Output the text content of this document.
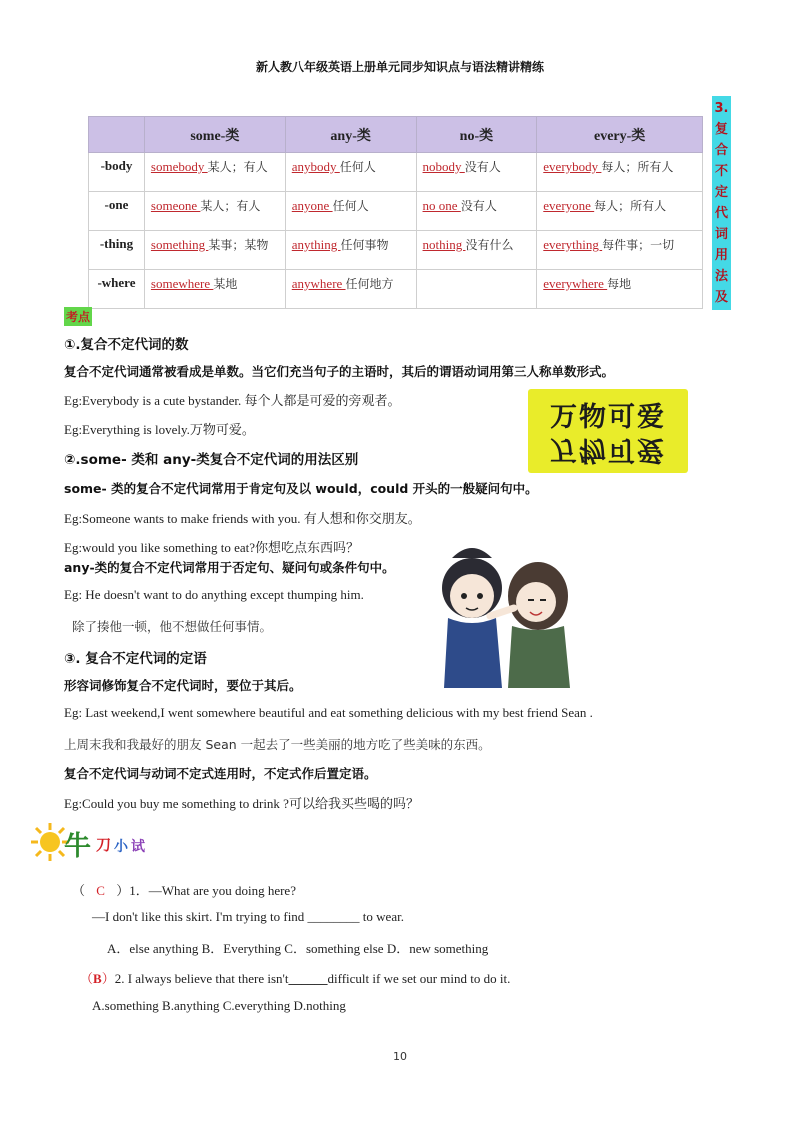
新人教八年级英语上册单元同步知识点与语法精讲精练
3.
复
合
不
定
代
词
用
法
及
	some-类	any-类	no-类	every-类
-body	somebody 某人；有人	anybody 任何人	nobody 没有人	everybody 每人；所有人
-one	someone 某人；有人	anyone 任何人	no one 没有人	everyone 每人；所有人
-thing	something 某事；某物	anything 任何事物	nothing 没有什么	everything 每件事；一切
-where	somewhere 某地	anywhere 任何地方		everywhere 每地
考点
①.复合不定代词的数
复合不定代词通常被看成是单数。当它们充当句子的主语时，其后的谓语动词用第三人称单数形式。
Eg:Everybody is a cute bystander. 每个人都是可爱的旁观者。
Eg:Everything is lovely.万物可爱。	万物可爱
万物可爱
②.some- 类和 any-类复合不定代词的用法区别
some- 类的复合不定代词常用于肯定句及以 would，could 开头的一般疑问句中。
Eg:Someone wants to make friends with you. 有人想和你交朋友。
Eg:would you like something to eat?你想吃点东西吗？
any-类的复合不定代词常用于否定句、疑问句或条件句中。
Eg: He doesn't want to do anything except thumping him.
除了揍他一顿，他不想做任何事情。
③. 复合不定代词的定语
形容词修饰复合不定代词时，要位于其后。
Eg: Last weekend,I went somewhere beautiful and eat something delicious with my best friend Sean .
上周末我和我最好的朋友 Sean 一起去了一些美丽的地方吃了些美味的东西。
复合不定代词与动词不定式连用时，不定式作后置定语。
Eg:Could you buy me something to drink ?可以给我买些喝的吗？
牛 刀 小 试
（ C ）1．—What are you doing here?
—I don't like this skirt. I'm trying to find ________ to wear.
A．else anything B．Everything C．something else D．new something
（B）2. I always believe that there isn't______difficult if we set our mind to do it.
A.something B.anything C.everything D.nothing
10
